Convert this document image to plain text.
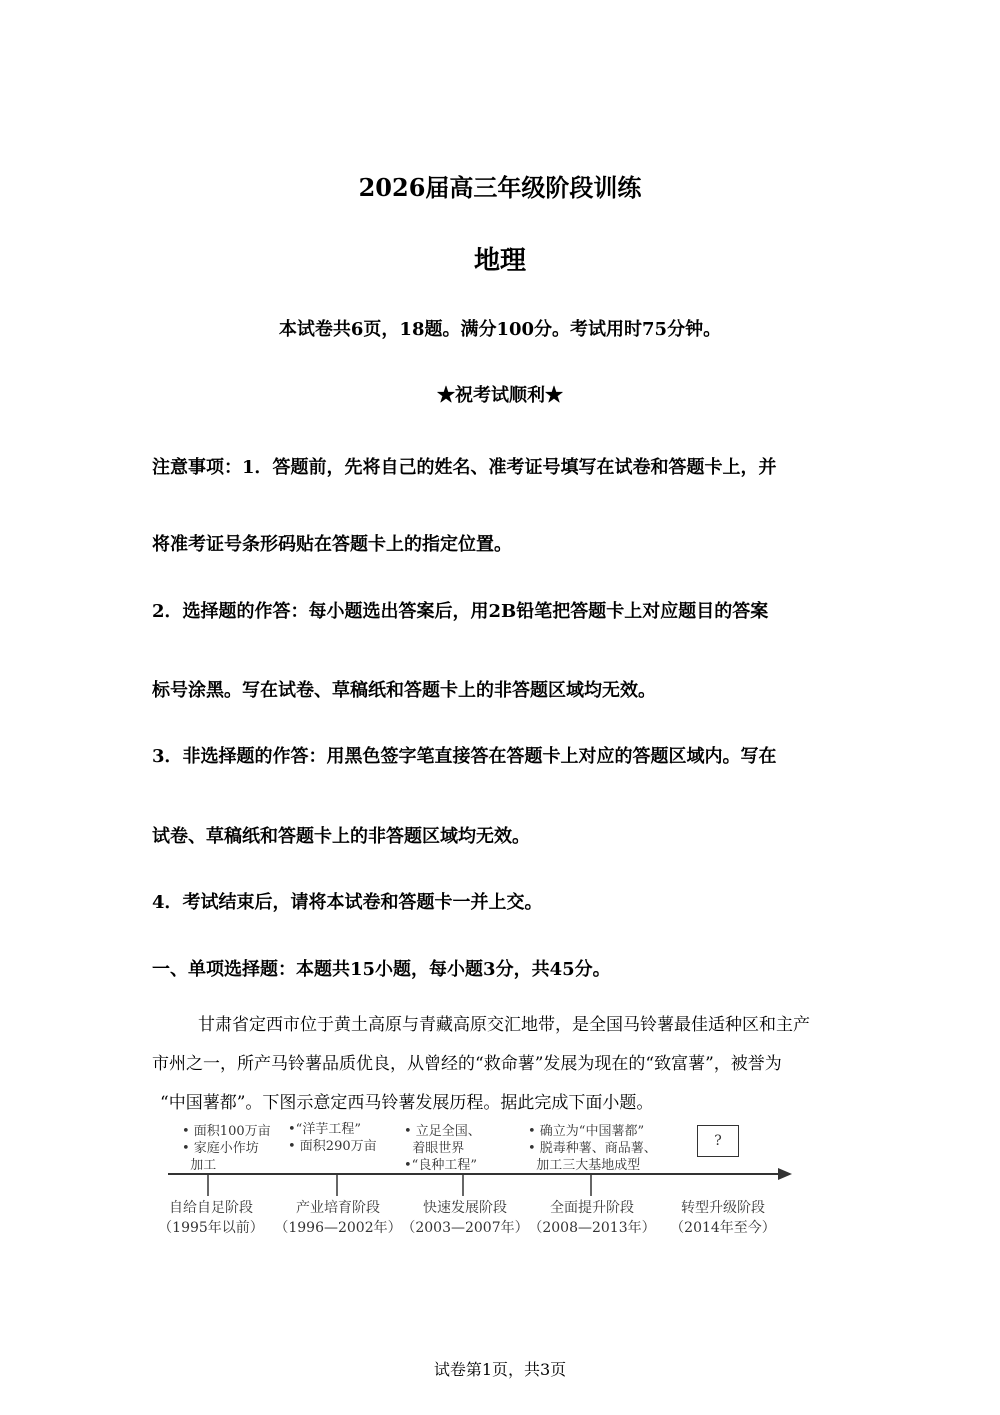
2026届高三年级阶段训练
地理
本试卷共6页，18题。满分100分。考试用时75分钟。
★祝考试顺利★
注意事项：1．答题前，先将自己的姓名、准考证号填写在试卷和答题卡上，并
将准考证号条形码贴在答题卡上的指定位置。
2．选择题的作答：每小题选出答案后，用2B铅笔把答题卡上对应题目的答案
标号涂黑。写在试卷、草稿纸和答题卡上的非答题区域均无效。
3．非选择题的作答：用黑色签字笔直接答在答题卡上对应的答题区域内。写在
试卷、草稿纸和答题卡上的非答题区域均无效。
4．考试结束后，请将本试卷和答题卡一并上交。
一、单项选择题：本题共15小题，每小题3分，共45分。
甘肃省定西市位于黄土高原与青藏高原交汇地带，是全国马铃薯最佳适种区和主产
市州之一，所产马铃薯品质优良，从曾经的“救命薯”发展为现在的“致富薯”，被誉为
“中国薯都”。下图示意定西马铃薯发展历程。据此完成下面小题。
• 面积100万亩
• 家庭小作坊
加工
•“洋芋工程”
• 面积290万亩
• 立足全国、
着眼世界
•“良种工程”
• 确立为“中国薯都”
• 脱毒种薯、商品薯、
加工三大基地成型
?
自给自足阶段
（1995年以前）
产业培育阶段
（1996—2002年）
快速发展阶段
（2003—2007年）
全面提升阶段
（2008—2013年）
转型升级阶段
（2014年至今）
试卷第1页，共3页
